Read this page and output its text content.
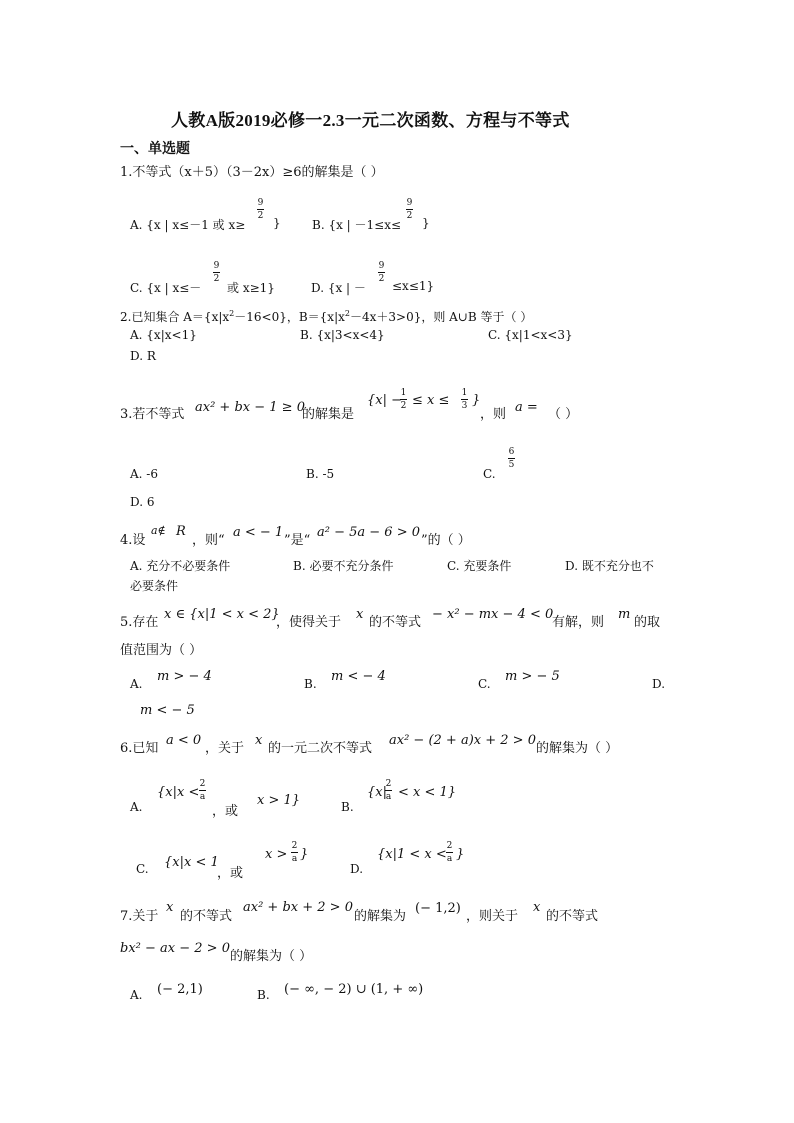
人教A版2019必修一2.3一元二次函数、方程与不等式
一、单选题
1.不等式（x＋5）（3－2x）≥6的解集是（ ）
A. {x | x≤－1 或 x≥
9
2 }	B. {x | －1≤x≤
9
2 }
C. {x | x≤－
9
2
或 x≥1}	D. {x | －
9
2 ≤x≤1}
2.已知集合 $A=\{x|x^2-16<0\}$，$B=\{x|x^2-4x+3>0\}$，则 A∪B 等于（ ）
A. {x|x<1}	B. {x|3<x<4}	C. {x|1<x<3}
D. R
3.若不等式 ax² + bx − 1 ≥ 0
的解集是
{x| −
1
2 ≤ x ≤ 1
3 }
，则 a = （ ）
A. -6	B. -5	C.
6
5
D. 6
4.设
a∉ R
，则“
a < − 1
”是“
a² − 5a − 6 > 0
”的（ ）
A. 充分不必要条件	B. 必要不充分条件	C. 充要条件	D. 既不充分也不
必要条件
5.存在
x ∈ {x|1 < x < 2}
，使得关于
x
的不等式
− x² − mx − 4 < 0
有解，则
m
的取
值范围为（ ）
A. m > − 4	B. m < − 4	C. m > − 5	D.
m < − 5
6.已知
a < 0
，关于
x
的一元二次不等式
ax² − (2 + a)x + 2 > 0
的解集为（ ）
A.
{x|x <
2
a
，或
x > 1}	B.
{x|
2
a < x < 1}
C. {x|x < 1
，或
x >
2
a }
D.
{x|1 < x <
2
a }
7.关于
x
的不等式
ax² + bx + 2 > 0
的解集为
(− 1,2)
，则关于
x
的不等式
bx² − ax − 2 > 0
的解集为（ ）
A. (− 2,1)	B. (− ∞, − 2) ∪ (1, + ∞)
